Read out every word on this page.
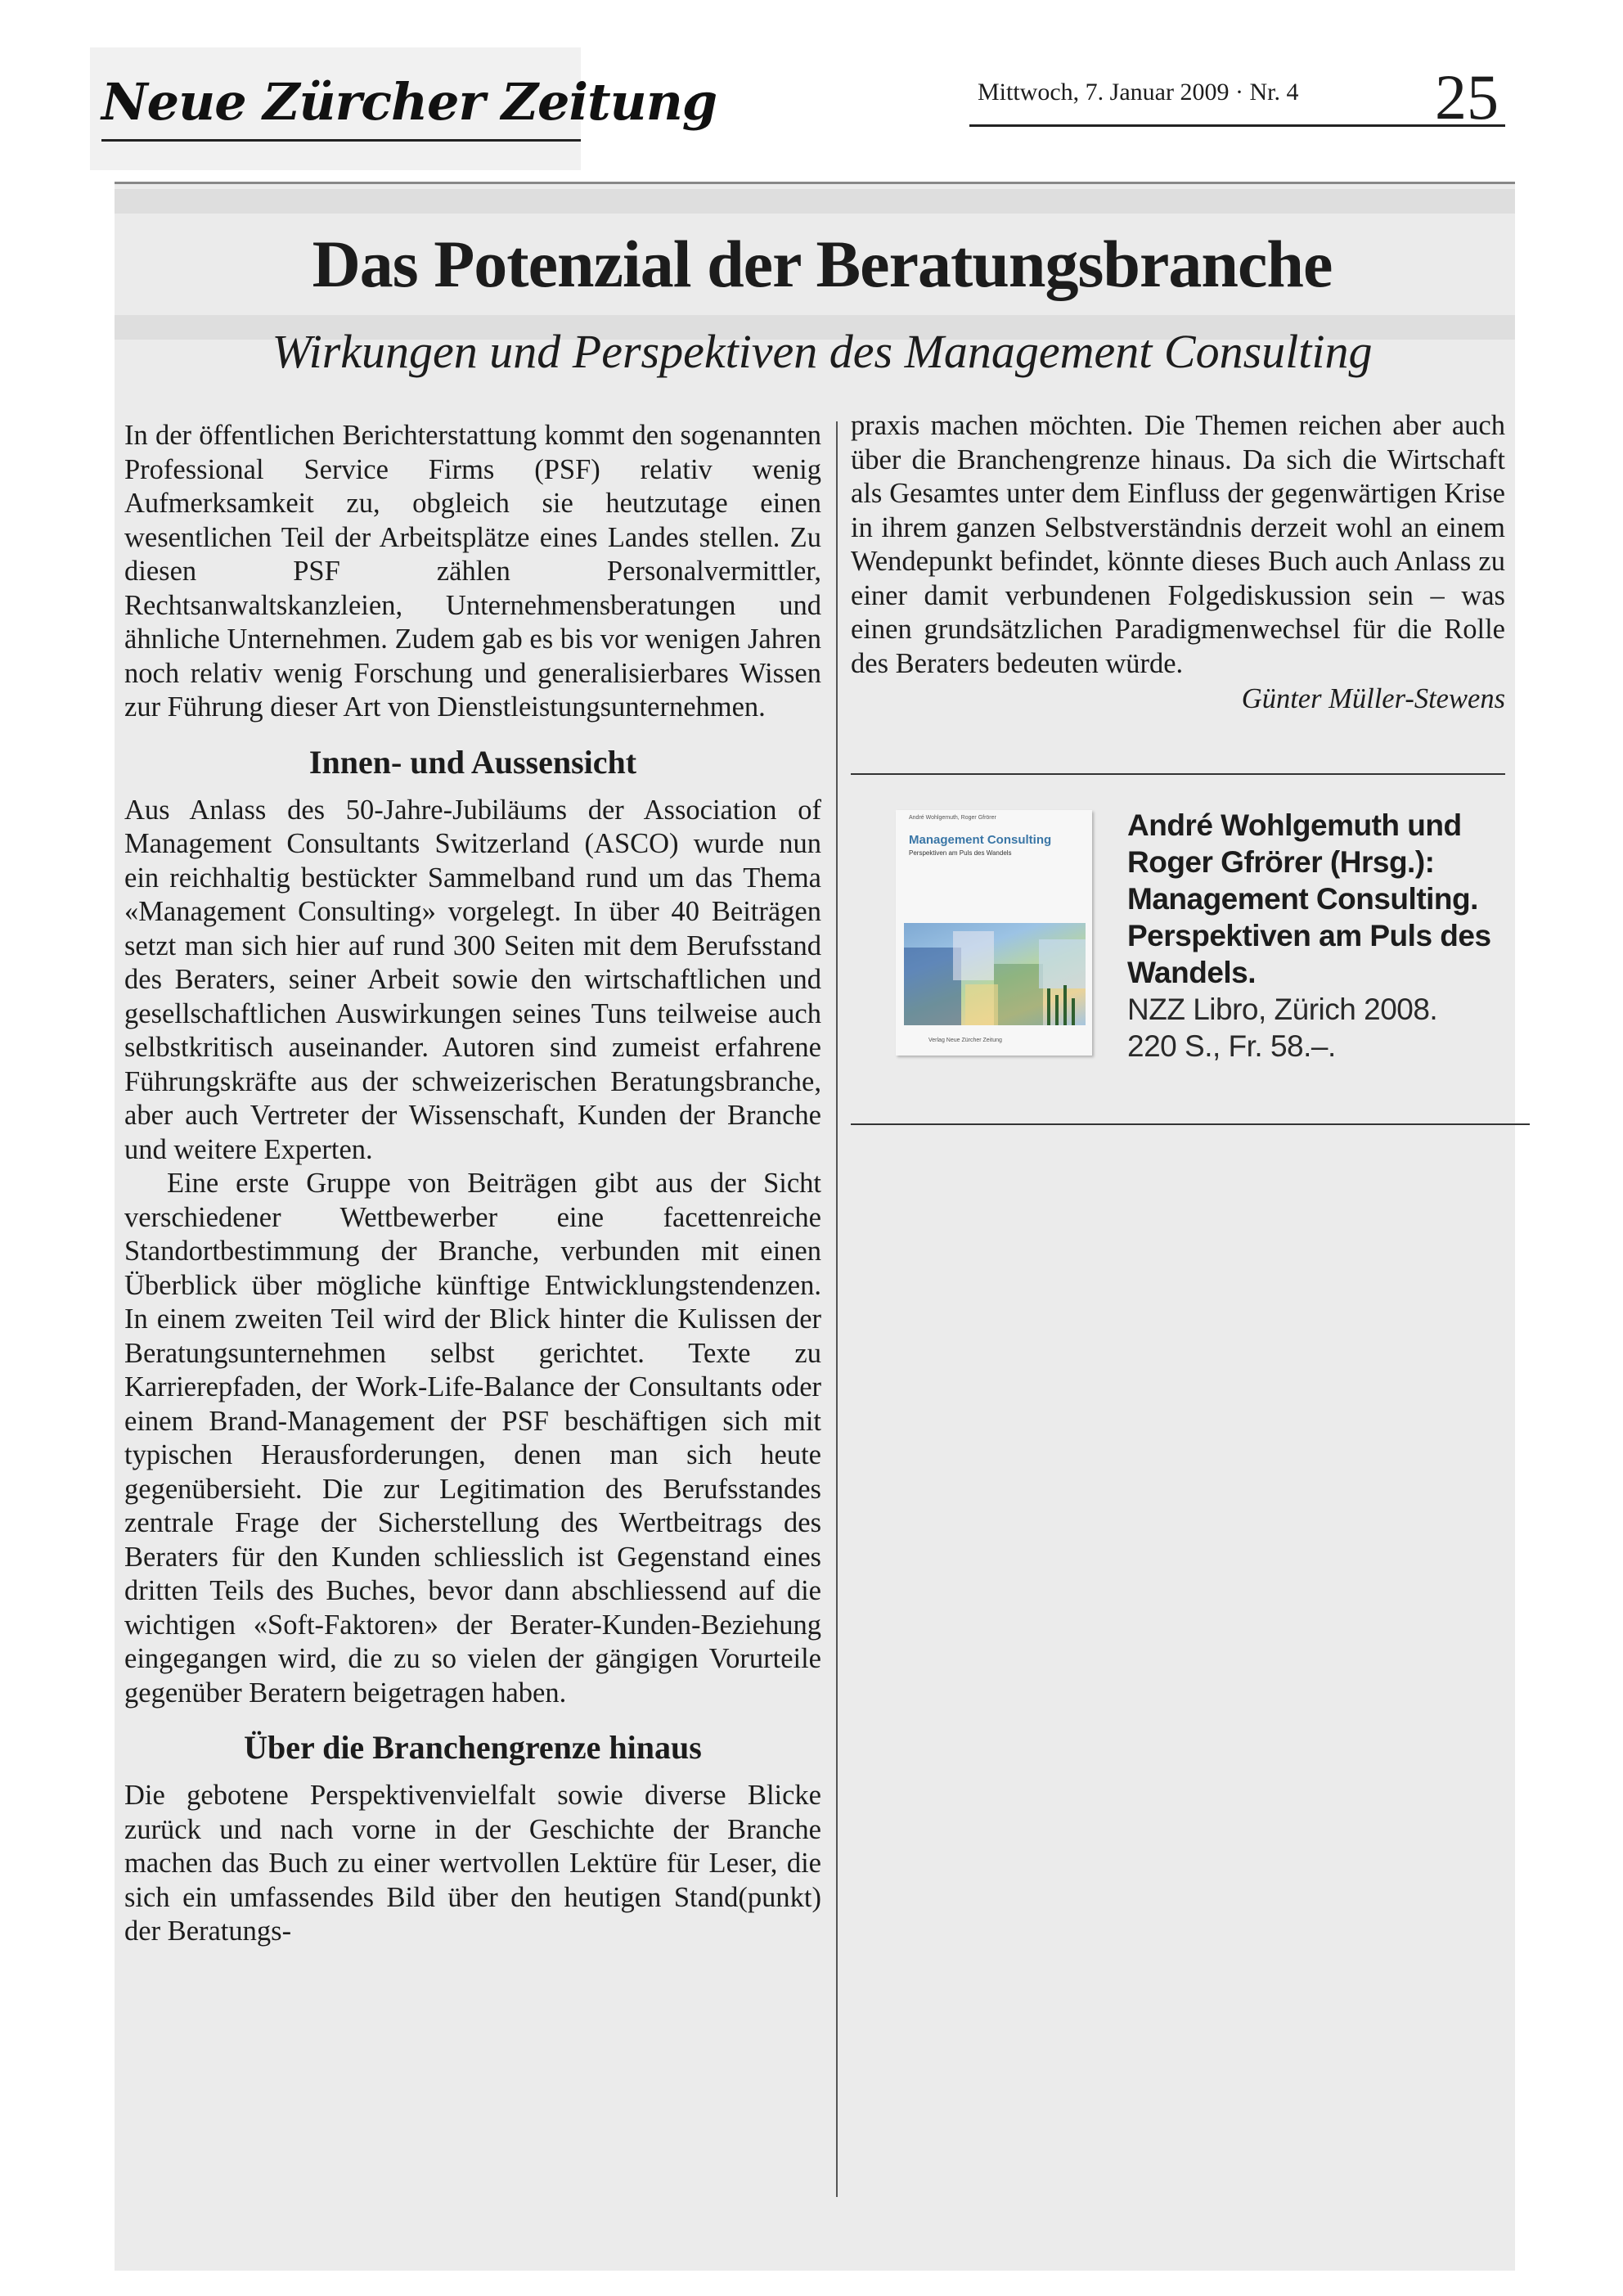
Neue Zürcher Zeitung	Mittwoch, 7. Januar 2009 · Nr. 4 25
Das Potenzial der Beratungsbranche
Wirkungen und Perspektiven des Management Consulting

In der öffentlichen Berichterstattung kommt den sogenannten Professional Service Firms (PSF) relativ wenig Aufmerksamkeit zu, obgleich sie heutzutage einen wesentlichen Teil der Arbeitsplätze eines Landes stellen. Zu diesen PSF zählen Personalvermittler, Rechtsanwaltskanzleien, Unternehmensberatungen und ähnliche Unternehmen. Zudem gab es bis vor wenigen Jahren noch relativ wenig Forschung und generalisierbares Wissen zur Führung dieser Art von Dienstleistungsunternehmen.

Innen- und Aussensicht

Aus Anlass des 50-Jahre-Jubiläums der Association of Management Consultants Switzerland (ASCO) wurde nun ein reichhaltig bestückter Sammelband rund um das Thema «Management Consulting» vorgelegt. In über 40 Beiträgen setzt man sich hier auf rund 300 Seiten mit dem Berufsstand des Beraters, seiner Arbeit sowie den wirtschaftlichen und gesellschaftlichen Auswirkungen seines Tuns teilweise auch selbstkritisch auseinander. Autoren sind zumeist erfahrene Führungskräfte aus der schweizerischen Beratungsbranche, aber auch Vertreter der Wissenschaft, Kunden der Branche und weitere Experten.

Eine erste Gruppe von Beiträgen gibt aus der Sicht verschiedener Wettbewerber eine facettenreiche Standortbestimmung der Branche, verbunden mit einen Überblick über mögliche künftige Entwicklungstendenzen. In einem zweiten Teil wird der Blick hinter die Kulissen der Beratungsunternehmen selbst gerichtet. Texte zu Karrierepfaden, der Work-Life-Balance der Consultants oder einem Brand-Management der PSF beschäftigen sich mit typischen Herausforderungen, denen man sich heute gegenübersieht. Die zur Legitimation des Berufsstandes zentrale Frage der Sicherstellung des Wertbeitrags des Beraters für den Kunden schliesslich ist Gegenstand eines dritten Teils des Buches, bevor dann abschliessend auf die wichtigen «Soft-Faktoren» der Berater-Kunden-Beziehung eingegangen wird, die zu so vielen der gängigen Vorurteile gegenüber Beratern beigetragen haben.

Über die Branchengrenze hinaus

Die gebotene Perspektivenvielfalt sowie diverse Blicke zurück und nach vorne in der Geschichte der Branche machen das Buch zu einer wertvollen Lektüre für Leser, die sich ein umfassendes Bild über den heutigen Stand(punkt) der Beratungs-

praxis machen möchten. Die Themen reichen aber auch über die Branchengrenze hinaus. Da sich die Wirtschaft als Gesamtes unter dem Einfluss der gegenwärtigen Krise in ihrem ganzen Selbstverständnis derzeit wohl an einem Wendepunkt befindet, könnte dieses Buch auch Anlass zu einer damit verbundenen Folgediskussion sein – was einen grundsätzlichen Paradigmenwechsel für die Rolle des Beraters bedeuten würde.

Günter Müller-Stewens
André Wohlgemuth, Roger Gfrörer
Management Consulting
Perspektiven am Puls des Wandels
Verlag Neue Zürcher Zeitung
André Wohlgemuth und
Roger Gfrörer (Hrsg.):
Management Consulting.
Perspektiven am Puls des
Wandels.
NZZ Libro, Zürich 2008.
220 S., Fr. 58.–.
